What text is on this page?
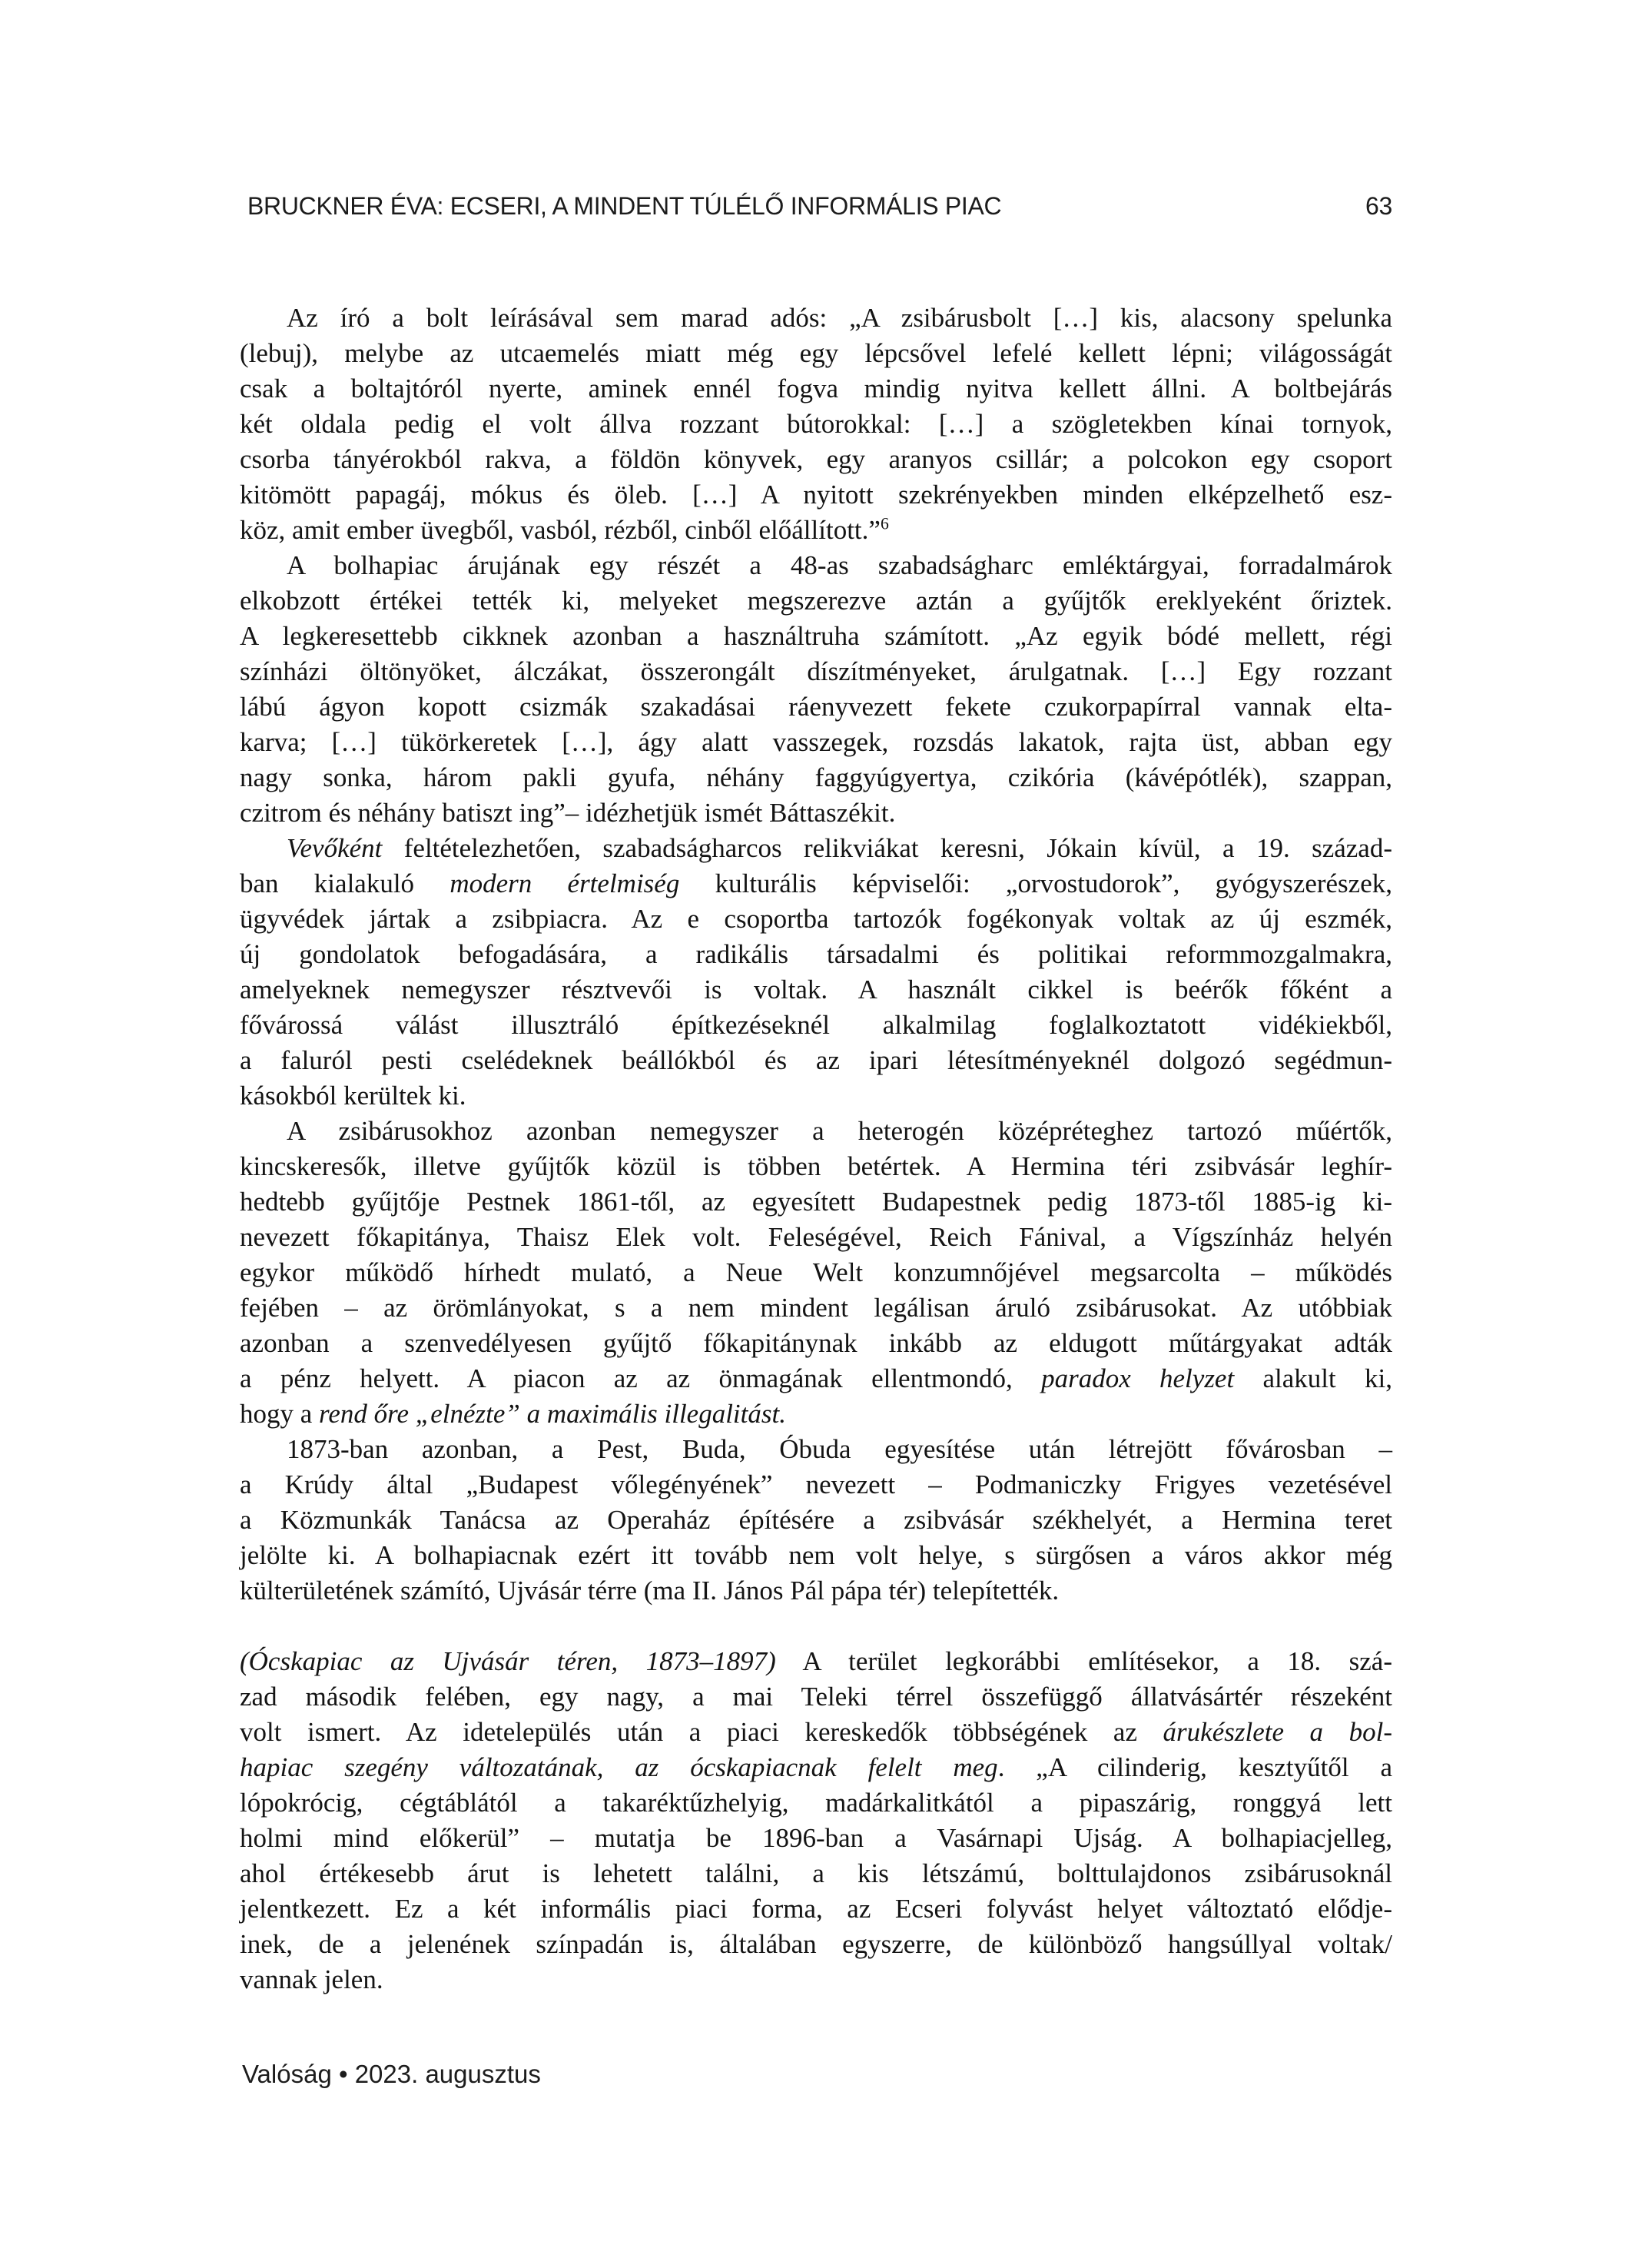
BRUCKNER ÉVA: ECSERI, A MINDENT TÚLÉLŐ INFORMÁLIS PIAC	63
Az író a bolt leírásával sem marad adós: „A zsibárusbolt […] kis, alacsony spelunka
(lebuj), melybe az utcaemelés miatt még egy lépcsővel lefelé kellett lépni; világosságát
csak a boltajtóról nyerte, aminek ennél fogva mindig nyitva kellett állni. A boltbejárás
két oldala pedig el volt állva rozzant bútorokkal: […] a szögletekben kínai tornyok,
csorba tányérokból rakva, a földön könyvek, egy aranyos csillár; a polcokon egy csoport
kitömött papagáj, mókus és öleb. […] A nyitott szekrényekben minden elképzelhető esz-
köz, amit ember üvegből, vasból, rézből, cinből előállított.”$^6$
A bolhapiac árujának egy részét a 48-as szabadságharc emléktárgyai, forradalmárok
elkobzott értékei tették ki, melyeket megszerezve aztán a gyűjtők ereklyeként őriztek.
A legkeresettebb cikknek azonban a használtruha számított. „Az egyik bódé mellett, régi
színházi öltönyöket, álczákat, összerongált díszítményeket, árulgatnak. […] Egy rozzant
lábú ágyon kopott csizmák szakadásai ráenyvezett fekete czukorpapírral vannak elta-
karva; […] tükörkeretek […], ágy alatt vasszegek, rozsdás lakatok, rajta üst, abban egy
nagy sonka, három pakli gyufa, néhány faggyúgyertya, czikória (kávépótlék), szappan,
czitrom és néhány batiszt ing”– idézhetjük ismét Báttaszékit.
Vevőként feltételezhetően, szabadságharcos relikviákat keresni, Jókain kívül, a 19. század-
ban kialakuló modern értelmiség kulturális képviselői: „orvostudorok”, gyógyszerészek,
ügyvédek jártak a zsibpiacra. Az e csoportba tartozók fogékonyak voltak az új eszmék,
új gondolatok befogadására, a radikális társadalmi és politikai reformmozgalmakra,
amelyeknek nemegyszer résztvevői is voltak. A használt cikkel is beérők főként a
fővárossá válást illusztráló építkezéseknél alkalmilag foglalkoztatott vidékiekből,
a faluról pesti cselédeknek beállókból és az ipari létesítményeknél dolgozó segédmun-
kásokból kerültek ki.
A zsibárusokhoz azonban nemegyszer a heterogén középréteghez tartozó műértők,
kincskeresők, illetve gyűjtők közül is többen betértek. A Hermina téri zsibvásár leghír-
hedtebb gyűjtője Pestnek 1861-től, az egyesített Budapestnek pedig 1873-től 1885-ig ki-
nevezett főkapitánya, Thaisz Elek volt. Feleségével, Reich Fánival, a Vígszínház helyén
egykor működő hírhedt mulató, a Neue Welt konzumnőjével megsarcolta – működés
fejében – az örömlányokat, s a nem mindent legálisan áruló zsibárusokat. Az utóbbiak
azonban a szenvedélyesen gyűjtő főkapitánynak inkább az eldugott műtárgyakat adták
a pénz helyett. A piacon az az önmagának ellentmondó, paradox helyzet alakult ki,
hogy a rend őre „elnézte” a maximális illegalitást.
1873-ban azonban, a Pest, Buda, Óbuda egyesítése után létrejött fővárosban –
a Krúdy által „Budapest vőlegényének” nevezett – Podmaniczky Frigyes vezetésével
a Közmunkák Tanácsa az Operaház építésére a zsibvásár székhelyét, a Hermina teret
jelölte ki. A bolhapiacnak ezért itt tovább nem volt helye, s sürgősen a város akkor még
külterületének számító, Ujvásár térre (ma II. János Pál pápa tér) telepítették.
(Ócskapiac az Ujvásár téren, 1873–1897) A terület legkorábbi említésekor, a 18. szá-
zad második felében, egy nagy, a mai Teleki térrel összefüggő állatvásártér részeként
volt ismert. Az idetelepülés után a piaci kereskedők többségének az árukészlete a bol-
hapiac szegény változatának, az ócskapiacnak felelt meg. „A cilinderig, kesztyűtől a
lópokrócig, cégtáblától a takaréktűzhelyig, madárkalitkától a pipaszárig, ronggyá lett
holmi mind előkerül” – mutatja be 1896-ban a Vasárnapi Ujság. A bolhapiacjelleg,
ahol értékesebb árut is lehetett találni, a kis létszámú, bolttulajdonos zsibárusoknál
jelentkezett. Ez a két informális piaci forma, az Ecseri folyvást helyet változtató elődje-
inek, de a jelenének színpadán is, általában egyszerre, de különböző hangsúllyal voltak/
vannak jelen.
Valóság • 2023. augusztus
